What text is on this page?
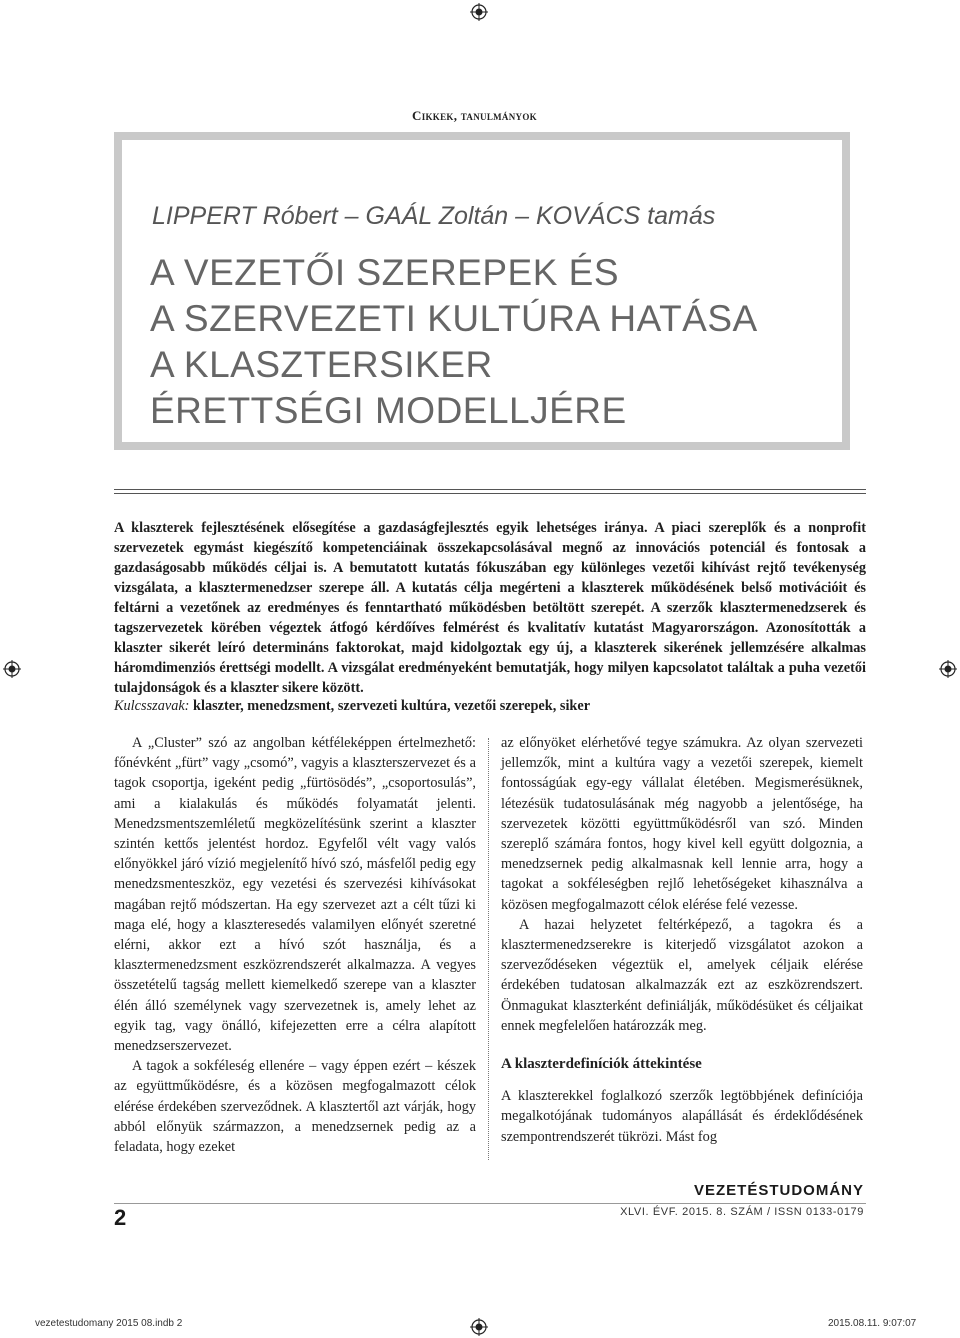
Cikkek, tanulmányok
LIPPERT Róbert – GAÁL Zoltán – KOVÁCS tamás
A VEZETŐI SZEREPEK ÉS
A SZERVEZETI KULTÚRA HATÁSA
A KLASZTERSIKER
ÉRETTSÉGI MODELLJÉRE
A klaszterek fejlesztésének elősegítése a gazdaságfejlesztés egyik lehetséges iránya. A piaci szereplők és a nonprofit szervezetek egymást kiegészítő kompetenciáinak összekapcsolásával megnő az innovációs potenciál és fontosak a gazdaságosabb működés céljai is. A bemutatott kutatás fókuszában egy különleges vezetői kihívást rejtő tevékenység vizsgálata, a klasztermenedzser szerepe áll. A kutatás célja megérteni a klaszterek működésének belső motivációit és feltárni a vezetőnek az eredményes és fenntartható működésben betöltött szerepét. A szerzők klasztermenedzserek és tagszervezetek körében végeztek átfogó kérdőíves felmérést és kvalitatív kutatást Magyarországon. Azonosították a klaszter sikerét leíró determináns faktorokat, majd kidolgoztak egy új, a klaszterek sikerének jellemzésére alkalmas háromdimenziós érettségi modellt. A vizsgálat eredményeként bemutatják, hogy milyen kapcsolatot találtak a puha vezetői tulajdonságok és a klaszter sikere között.
Kulcsszavak: klaszter, menedzsment, szervezeti kultúra, vezetői szerepek, siker

A „Cluster” szó az angolban kétféleképpen értelmezhető: főnévként „fürt” vagy „csomó”, vagyis a klaszterszervezet és a tagok csoportja, igeként pedig „fürtösödés”, „csoportosulás”, ami a kialakulás és működés folyamatát jelenti. Menedzsmentszemléletű megközelítésünk szerint a klaszter szintén kettős jelentést hordoz. Egyfelől vélt vagy valós előnyökkel járó vízió megjelenítő hívó szó, másfelől pedig egy menedzsmenteszköz, egy vezetési és szervezési kihívásokat magában rejtő módszertan. Ha egy szervezet azt a célt tűzi ki maga elé, hogy a klaszteresedés valamilyen előnyét szeretné elérni, akkor ezt a hívó szót használja, és a klasztermenedzsment eszközrendszerét alkalmazza. A vegyes összetételű tagság mellett kiemelkedő szerepe van a klaszter élén álló személynek vagy szervezetnek is, amely lehet az egyik tag, vagy önálló, kifejezetten erre a célra alapított menedzserszervezet.

A tagok a sokféleség ellenére – vagy éppen ezért – készek az együttműködésre, és a közösen megfogalmazott célok elérése érdekében szerveződnek. A klasztertől azt várják, hogy abból előnyük származzon, a menedzsernek pedig az a feladata, hogy ezeket

az előnyöket elérhetővé tegye számukra. Az olyan szervezeti jellemzők, mint a kultúra vagy a vezetői szerepek, kiemelt fontosságúak egy-egy vállalat életében. Megismerésüknek, létezésük tudatosulásának még nagyobb a jelentősége, ha szervezetek közötti együttműködésről van szó. Minden szereplő számára fontos, hogy kivel kell együtt dolgoznia, a menedzsernek pedig alkalmasnak kell lennie arra, hogy a tagokat a sokféleségben rejlő lehetőségeket kihasználva a közösen megfogalmazott célok elérése felé vezesse.

A hazai helyzetet feltérképező, a tagokra és a klasztermenedzserekre is kiterjedő vizsgálatot azokon a szerveződéseken végeztük el, amelyek céljaik elérése érdekében tudatosan alkalmazzák ezt az eszközrendszert. Önmagukat klaszterként definiálják, működésüket és céljaikat ennek megfelelően határozzák meg.

A klaszterdefiníciók áttekintése

A klaszterekkel foglalkozó szerzők legtöbbjének definíciója megalkotójának tudományos alapállását és érdeklődésének szempontrendszerét tükrözi. Mást fog

VEZETÉSTUDOMÁNY
XLVI. ÉVF. 2015. 8. SZÁM / ISSN 0133-0179
2
vezetestudomany 2015 08.indb 2	2015.08.11. 9:07:07
